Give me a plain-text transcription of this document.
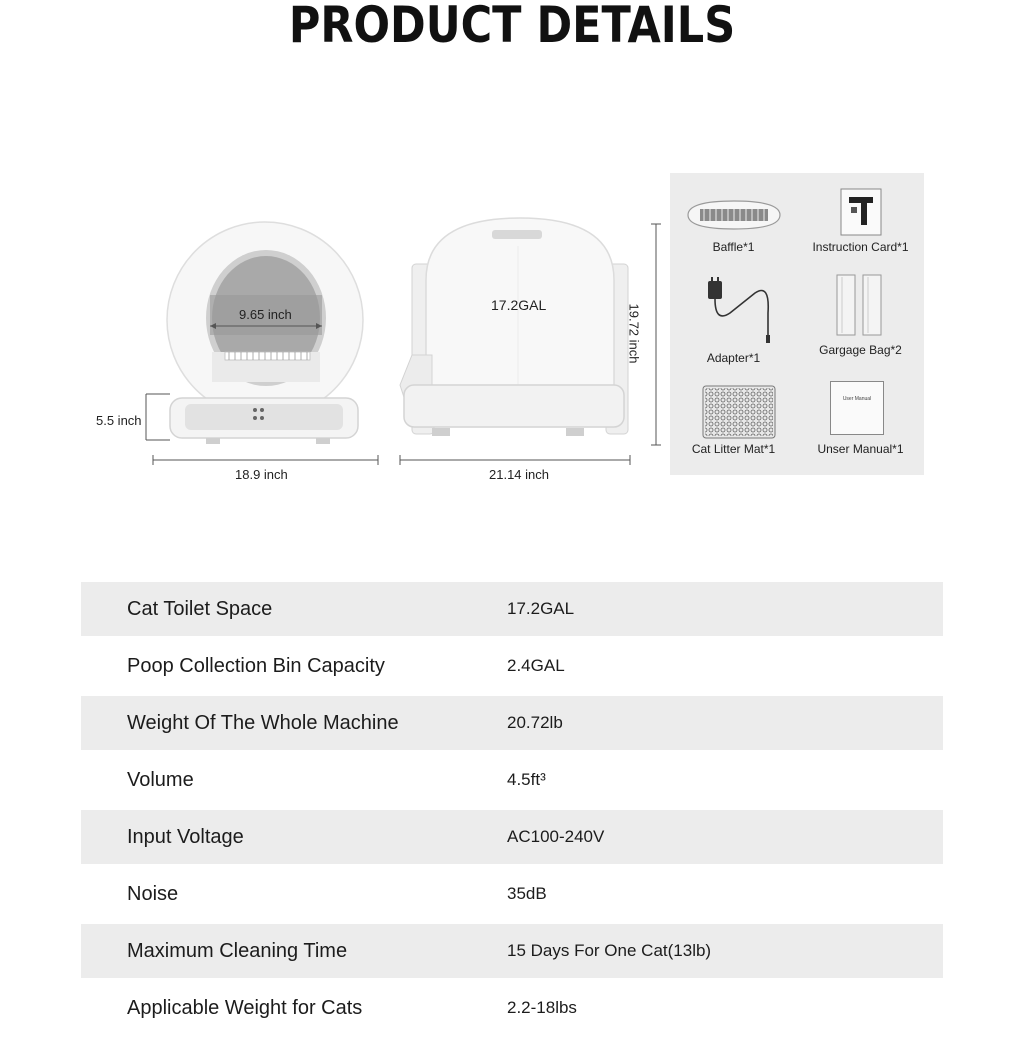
PRODUCT DETAILS
9.65 inch
5.5 inch
18.9 inch
17.2GAL
21.14 inch
19.72 inch
Baffle*1	Instruction Card*1
Adapter*1
Gargage Bag*2
Cat Litter Mat*1
User Manual
Unser Manual*1
Cat Toilet Space	17.2GAL
Poop Collection Bin Capacity	2.4GAL
Weight Of The Whole Machine	20.72lb
Volume	4.5ft³
Input Voltage	AC100-240V
Noise	35dB
Maximum Cleaning Time	15 Days For One Cat(13lb)
Applicable Weight for Cats	2.2-18lbs
